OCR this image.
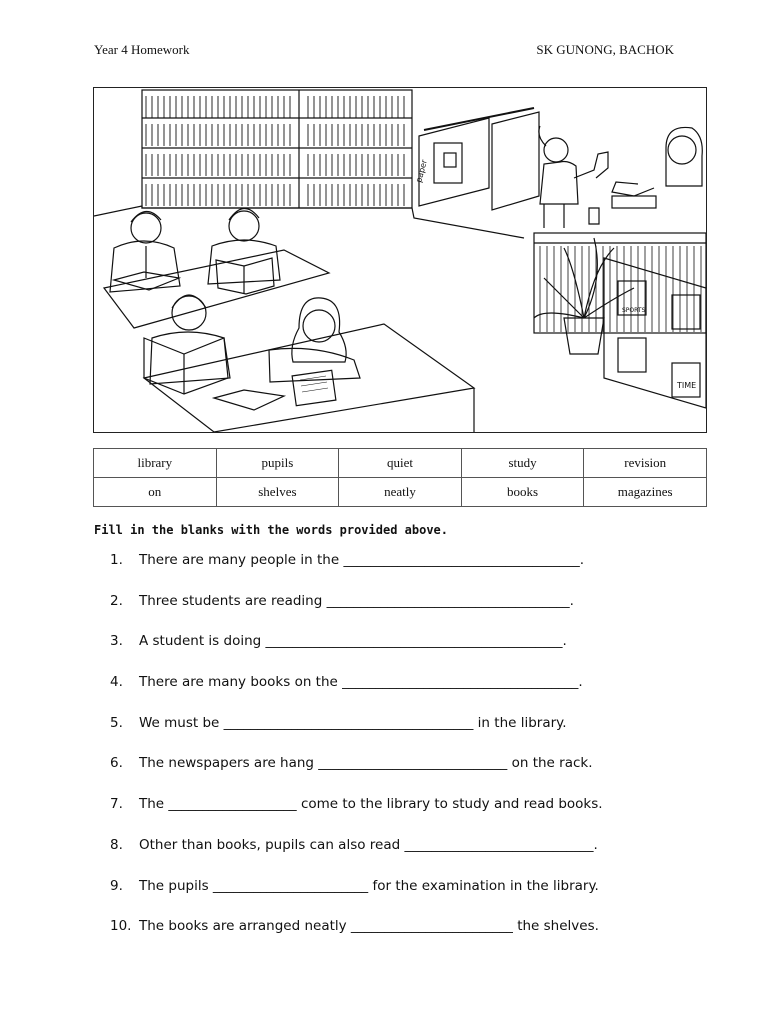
Year 4 Homework	SK GUNONG, BACHOK
paper
SPORTS
TIME
library	pupils	quiet	study	revision
on	shelves	neatly	books	magazines
Fill in the blanks with the words provided above.
1.	There are many people in the ___________________________________.
2.	Three students are reading ____________________________________.
3.	A student is doing ____________________________________________.
4.	There are many books on the ___________________________________.
5.	We must be _____________________________________ in the library.
6.	The newspapers are hang ____________________________ on the rack.
7.	The ___________________ come to the library to study and read books.
8.	Other than books, pupils can also read ____________________________.
9.	The pupils _______________________ for the examination in the library.
10. The books are arranged neatly ________________________ the shelves.
